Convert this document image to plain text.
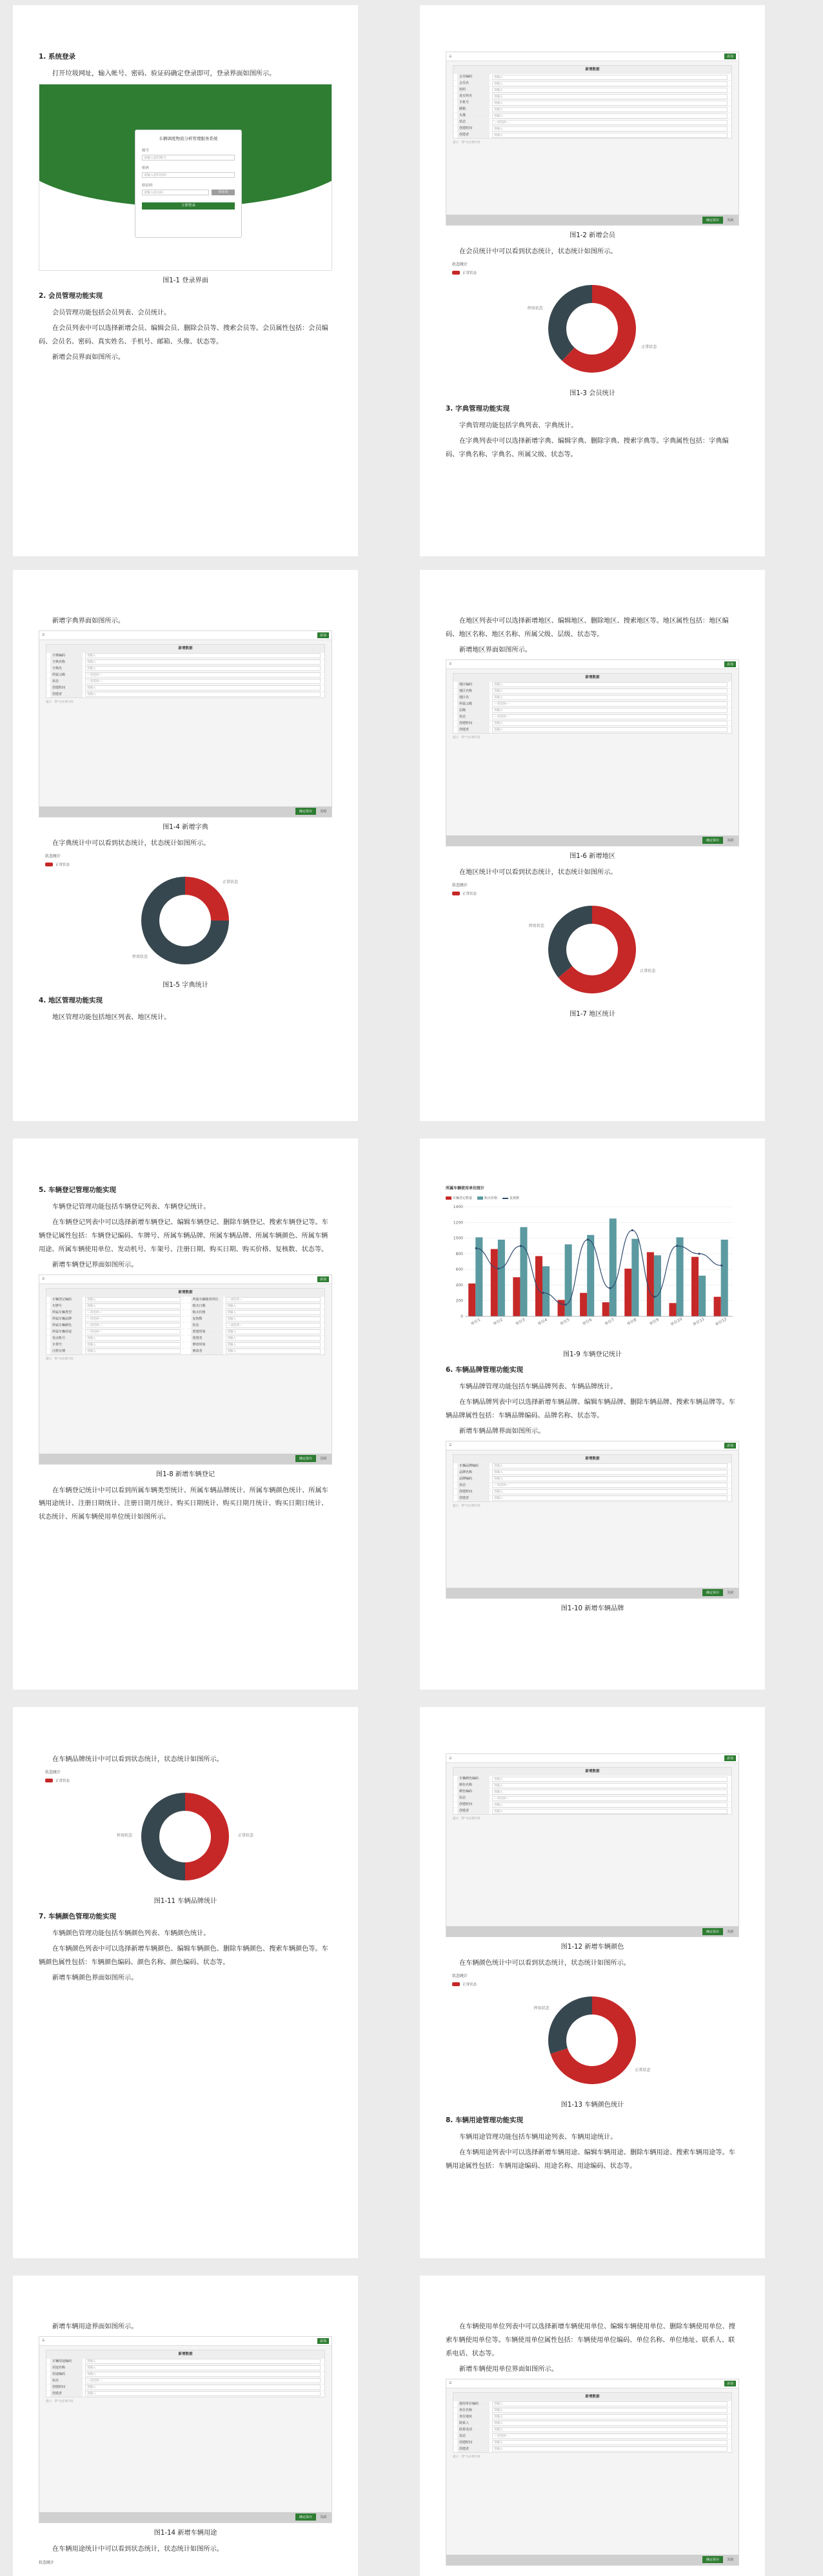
1. 系统登录

打开垃圾网址，输入帐号、密码、验证码确定登录即可，登录界面如图所示。

车辆调度物流分析管理服务系统
账号
请输入您的账号
密码
请输入您的密码
验证码
请输入验证码	验证码
立即登录
图1-1 登录界面
2. 会员管理功能实现

会员管理功能包括会员列表、会员统计。

在会员列表中可以选择新增会员、编辑会员、删除会员等、搜索会员等。会员属性包括：会员编码、会员名、密码、真实姓名、手机号、邮箱、头像、状态等。

新增会员界面如图所示。

☰	添加
新增数据
会员编码	请输入
会员名	请输入
密码	请输入
真实姓名	请输入
手机号	请输入
邮箱	请输入
头像	请输入
状态	---请选择---
创建时间	请输入
创建者	请输入
提示：带*为必填字段
确定保存	关闭
图1-2 新增会员

在会员统计中可以看到状态统计，状态统计如图所示。

状态统计
正常状态
正常状态
停用状态
图1-3 会员统计
3. 字典管理功能实现

字典管理功能包括字典列表、字典统计。

在字典列表中可以选择新增字典、编辑字典、删除字典、搜索字典等。字典属性包括：字典编码、字典名称、字典名、所属父级、状态等。

新增字典界面如图所示。

☰	添加
新增数据
字典编码	请输入
字典名称	请输入
字典名	请输入
所属父级	---请选择---
状态	---请选择---
创建时间	请输入
创建者	请输入
提示：带*为必填字段
确定保存	关闭
图1-4 新增字典

在字典统计中可以看到状态统计，状态统计如图所示。

状态统计
正常状态
正常状态
停用状态
图1-5 字典统计
4. 地区管理功能实现

地区管理功能包括地区列表、地区统计。

在地区列表中可以选择新增地区、编辑地区、删除地区、搜索地区等。地区属性包括：地区编码、地区名称、地区名称、所属父级、层级、状态等。

新增地区界面如图所示。

☰	添加
新增数据
地区编码	请输入
地区名称	请输入
地区名	请输入
所属父级	---请选择---
层级	请输入
状态	---请选择---
创建时间	请输入
创建者	请输入
提示：带*为必填字段
确定保存	关闭
图1-6 新增地区

在地区统计中可以看到状态统计，状态统计如图所示。

状态统计
正常状态
正常状态
停用状态
图1-7 地区统计
5. 车辆登记管理功能实现

车辆登记管理功能包括车辆登记列表、车辆登记统计。

在车辆登记列表中可以选择新增车辆登记、编辑车辆登记、删除车辆登记、搜索车辆登记等。车辆登记属性包括：车辆登记编码、车牌号、所属车辆品牌、所属车辆品牌、所属车辆颜色、所属车辆用途、所属车辆使用单位、发动机号、车架号、注册日期、购买日期、购买价格、复核数、状态等。

新增车辆登记界面如图所示。

☰	添加
新增数据
车辆登记编码	请输入
车牌号	请输入
所属车辆类型	---请选择---
所属车辆品牌	---请选择---
所属车辆颜色	---请选择---
所属车辆用途	---请选择---
发动机号	请输入
车架号	请输入
注册日期	请输入
所属车辆使用单位	---请选择---
购买日期	请输入
购买价格	请输入
复核数	请输入
状态	---请选择---
创建时间	请输入
创建者	请输入
修改时间	请输入
修改者	请输入
提示：带*为必填字段
确定保存	关闭
图1-8 新增车辆登记

在车辆登记统计中可以看到所属车辆类型统计、所属车辆品牌统计、所属车辆颜色统计、所属车辆用途统计、注册日期统计、注册日期月统计、购买日期统计、购买日期月统计、购买日期日统计、状态统计、所属车辆使用单位统计如图所示。

所属车辆使用单位统计
车辆登记数量	购买价格	复核数
0
200
400
600
800
1000
1200
1400
单位1	单位2	单位3	单位4	单位5	单位6	单位7	单位8	单位9	单位10 单位11 单位12
图1-9 车辆登记统计
6. 车辆品牌管理功能实现

车辆品牌管理功能包括车辆品牌列表、车辆品牌统计。

在车辆品牌列表中可以选择新增车辆品牌、编辑车辆品牌、删除车辆品牌、搜索车辆品牌等。车辆品牌属性包括：车辆品牌编码、品牌名称、状态等。

新增车辆品牌界面如图所示。

☰	添加
新增数据
车辆品牌编码	请输入
品牌名称	请输入
品牌编码	请输入
状态	---请选择---
创建时间	请输入
创建者	请输入
提示：带*为必填字段
确定保存	关闭
图1-10 新增车辆品牌

在车辆品牌统计中可以看到状态统计，状态统计如图所示。

状态统计
正常状态
正常状态
停用状态
图1-11 车辆品牌统计
7. 车辆颜色管理功能实现

车辆颜色管理功能包括车辆颜色列表、车辆颜色统计。

在车辆颜色列表中可以选择新增车辆颜色、编辑车辆颜色、删除车辆颜色、搜索车辆颜色等。车辆颜色属性包括：车辆颜色编码、颜色名称、颜色编码、状态等。

新增车辆颜色界面如图所示。

☰	添加
新增数据
车辆颜色编码	请输入
颜色名称	请输入
颜色编码	请输入
状态	---请选择---
创建时间	请输入
创建者	请输入
提示：带*为必填字段
确定保存	关闭
图1-12 新增车辆颜色

在车辆颜色统计中可以看到状态统计，状态统计如图所示。

状态统计
正常状态
正常状态
停用状态
图1-13 车辆颜色统计
8. 车辆用途管理功能实现

车辆用途管理功能包括车辆用途列表、车辆用途统计。

在车辆用途列表中可以选择新增车辆用途、编辑车辆用途、删除车辆用途、搜索车辆用途等。车辆用途属性包括：车辆用途编码、用途名称、用途编码、状态等。

新增车辆用途界面如图所示。

☰	添加
新增数据
车辆用途编码	请输入
用途名称	请输入
用途编码	请输入
状态	---请选择---
创建时间	请输入
创建者	请输入
提示：带*为必填字段
确定保存	关闭
图1-14 新增车辆用途

在车辆用途统计中可以看到状态统计，状态统计如图所示。

状态统计

在车辆使用单位列表中可以选择新增车辆使用单位、编辑车辆使用单位、删除车辆使用单位、搜索车辆使用单位等。车辆使用单位属性包括：车辆使用单位编码、单位名称、单位地址、联系人、联系电话、状态等。

新增车辆使用单位界面如图所示。

☰	添加
新增数据
使用单位编码	请输入
单位名称	请输入
单位地址	请输入
联系人	请输入
联系电话	请输入
状态	---请选择---
创建时间	请输入
创建者	请输入
提示：带*为必填字段
确定保存	关闭
